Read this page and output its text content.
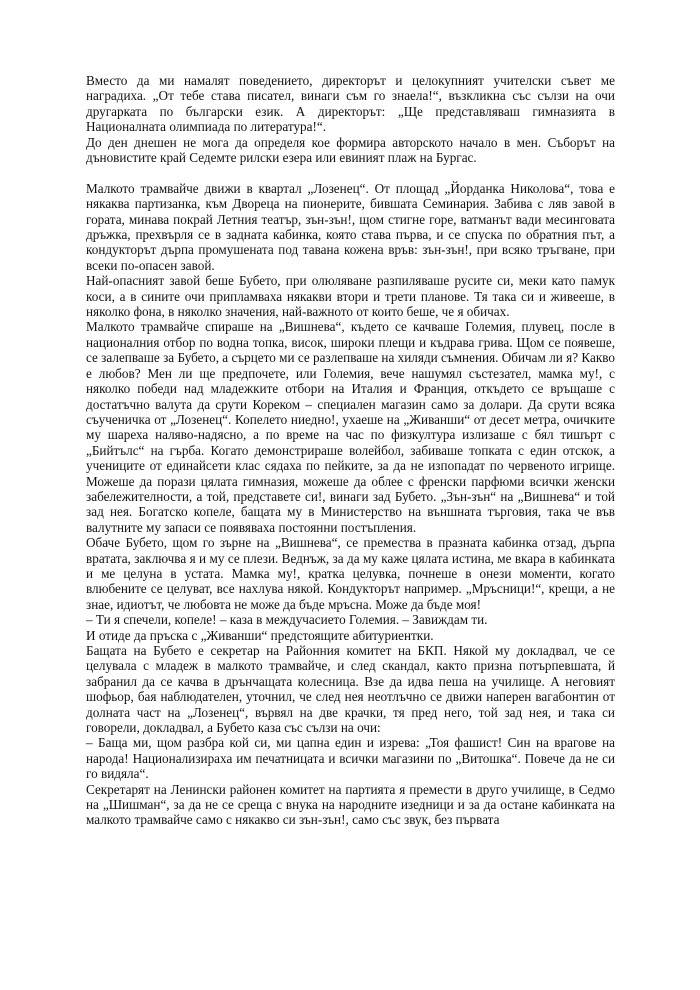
Вместо да ми намалят поведението, директорът и целокупният учителски съвет ме наградиха. „От тебе става писател, винаги съм го знаела!“, възкликна със сълзи на очи другарката по български език. А директорът: „Ще представляваш гимназията в Националната олимпиада по литература!“.

До ден днешен не мога да определя кое формира авторското начало в мен. Съборът на дъновистите край Седемте рилски езера или евиният плаж на Бургас.

Малкото трамвайче движи в квартал „Лозенец“. От площад „Йорданка Николова“, това е някаква партизанка, към Двореца на пионерите, бившата Семинария. Забива с ляв завой в гората, минава покрай Летния театър, зън-зън!, щом стигне горе, ватманът вади месинговата дръжка, прехвърля се в задната кабинка, която става първа, и се спуска по обратния път, а кондукторът дърпа промушената под тавана кожена връв: зън-зън!, при всяко тръгване, при всеки по-опасен завой.

Най-опасният завой беше Бубето, при олюляване разпиляваше русите си, меки като памук коси, а в сините очи припламваха някакви втори и трети планове. Тя така си и живееше, в няколко фона, в няколко значения, най-важното от които беше, че я обичах.

Малкото трамвайче спираше на „Вишнева“, където се качваше Големия, плувец, после в националния отбор по водна топка, висок, широки плещи и къдрава грива. Щом се появеше, се залепваше за Бубето, а сърцето ми се разлепваше на хиляди съмнения. Обичам ли я? Какво е любов? Мен ли ще предпочете, или Големия, вече нашумял състезател, мамка му!, с няколко победи над младежките отбори на Италия и Франция, откъдето се връщаше с достатъчно валута да срути Кореком – специален магазин само за долари. Да срути всяка съученичка от „Лозенец“. Копелето ниедно!, ухаеше на „Живанши“ от десет метра, очичките му шареха наляво-надясно, а по време на час по физкултура излизаше с бял тишърт с „Бийтълс“ на гърба. Когато демонстрираше волейбол, забиваше топката с един отскок, а учениците от единайсети клас сядаха по пейките, за да не изпопадат по червеното игрище. Можеше да порази цялата гимназия, можеше да облее с френски парфюми всички женски забележителности, а той, представете си!, винаги зад Бубето. „Зън-зън“ на „Вишнева“ и той зад нея. Богатско копеле, бащата му в Министерство на външната търговия, така че във валутните му запаси се появяваха постоянни постъпления.

Обаче Бубето, щом го зърне на „Вишнева“, се премества в празната кабинка отзад, дърпа вратата, заключва я и му се плези. Веднъж, за да му каже цялата истина, ме вкара в кабинката и ме целуна в устата. Мамка му!, кратка целувка, почнеше в онези моменти, когато влюбените се целуват, все нахлува някой. Кондукторът например. „Мръсници!“, крещи, а не знае, идиотът, че любовта не може да бъде мръсна. Може да бъде моя!

– Ти я спечели, копеле! – каза в междучасието Големия. – Завиждам ти.

И отиде да пръска с „Живанши“ предстоящите абитуриентки.

Бащата на Бубето е секретар на Районния комитет на БКП. Някой му докладвал, че се целувала с младеж в малкото трамвайче, и след скандал, както призна потърпевшата, й забранил да се качва в дрънчащата колесница. Взе да идва пеша на училище. А неговият шофьор, бая наблюдателен, уточнил, че след нея неотлъчно се движи наперен вагабонтин от долната част на „Лозенец“, вървял на две крачки, тя пред него, той зад нея, и така си говорели, докладвал, а Бубето каза със сълзи на очи:

– Баща ми, щом разбра кой си, ми цапна един и изрева: „Тоя фашист! Син на врагове на народа! Национализираха им печатницата и всички магазини по „Витошка“. Повече да не си го видяла“.

Секретарят на Ленински районен комитет на партията я премести в друго училище, в Седмо на „Шишман“, за да не се среща с внука на народните изедници и за да остане кабинката на малкото трамвайче само с някакво си зън-зън!, само със звук, без първата
